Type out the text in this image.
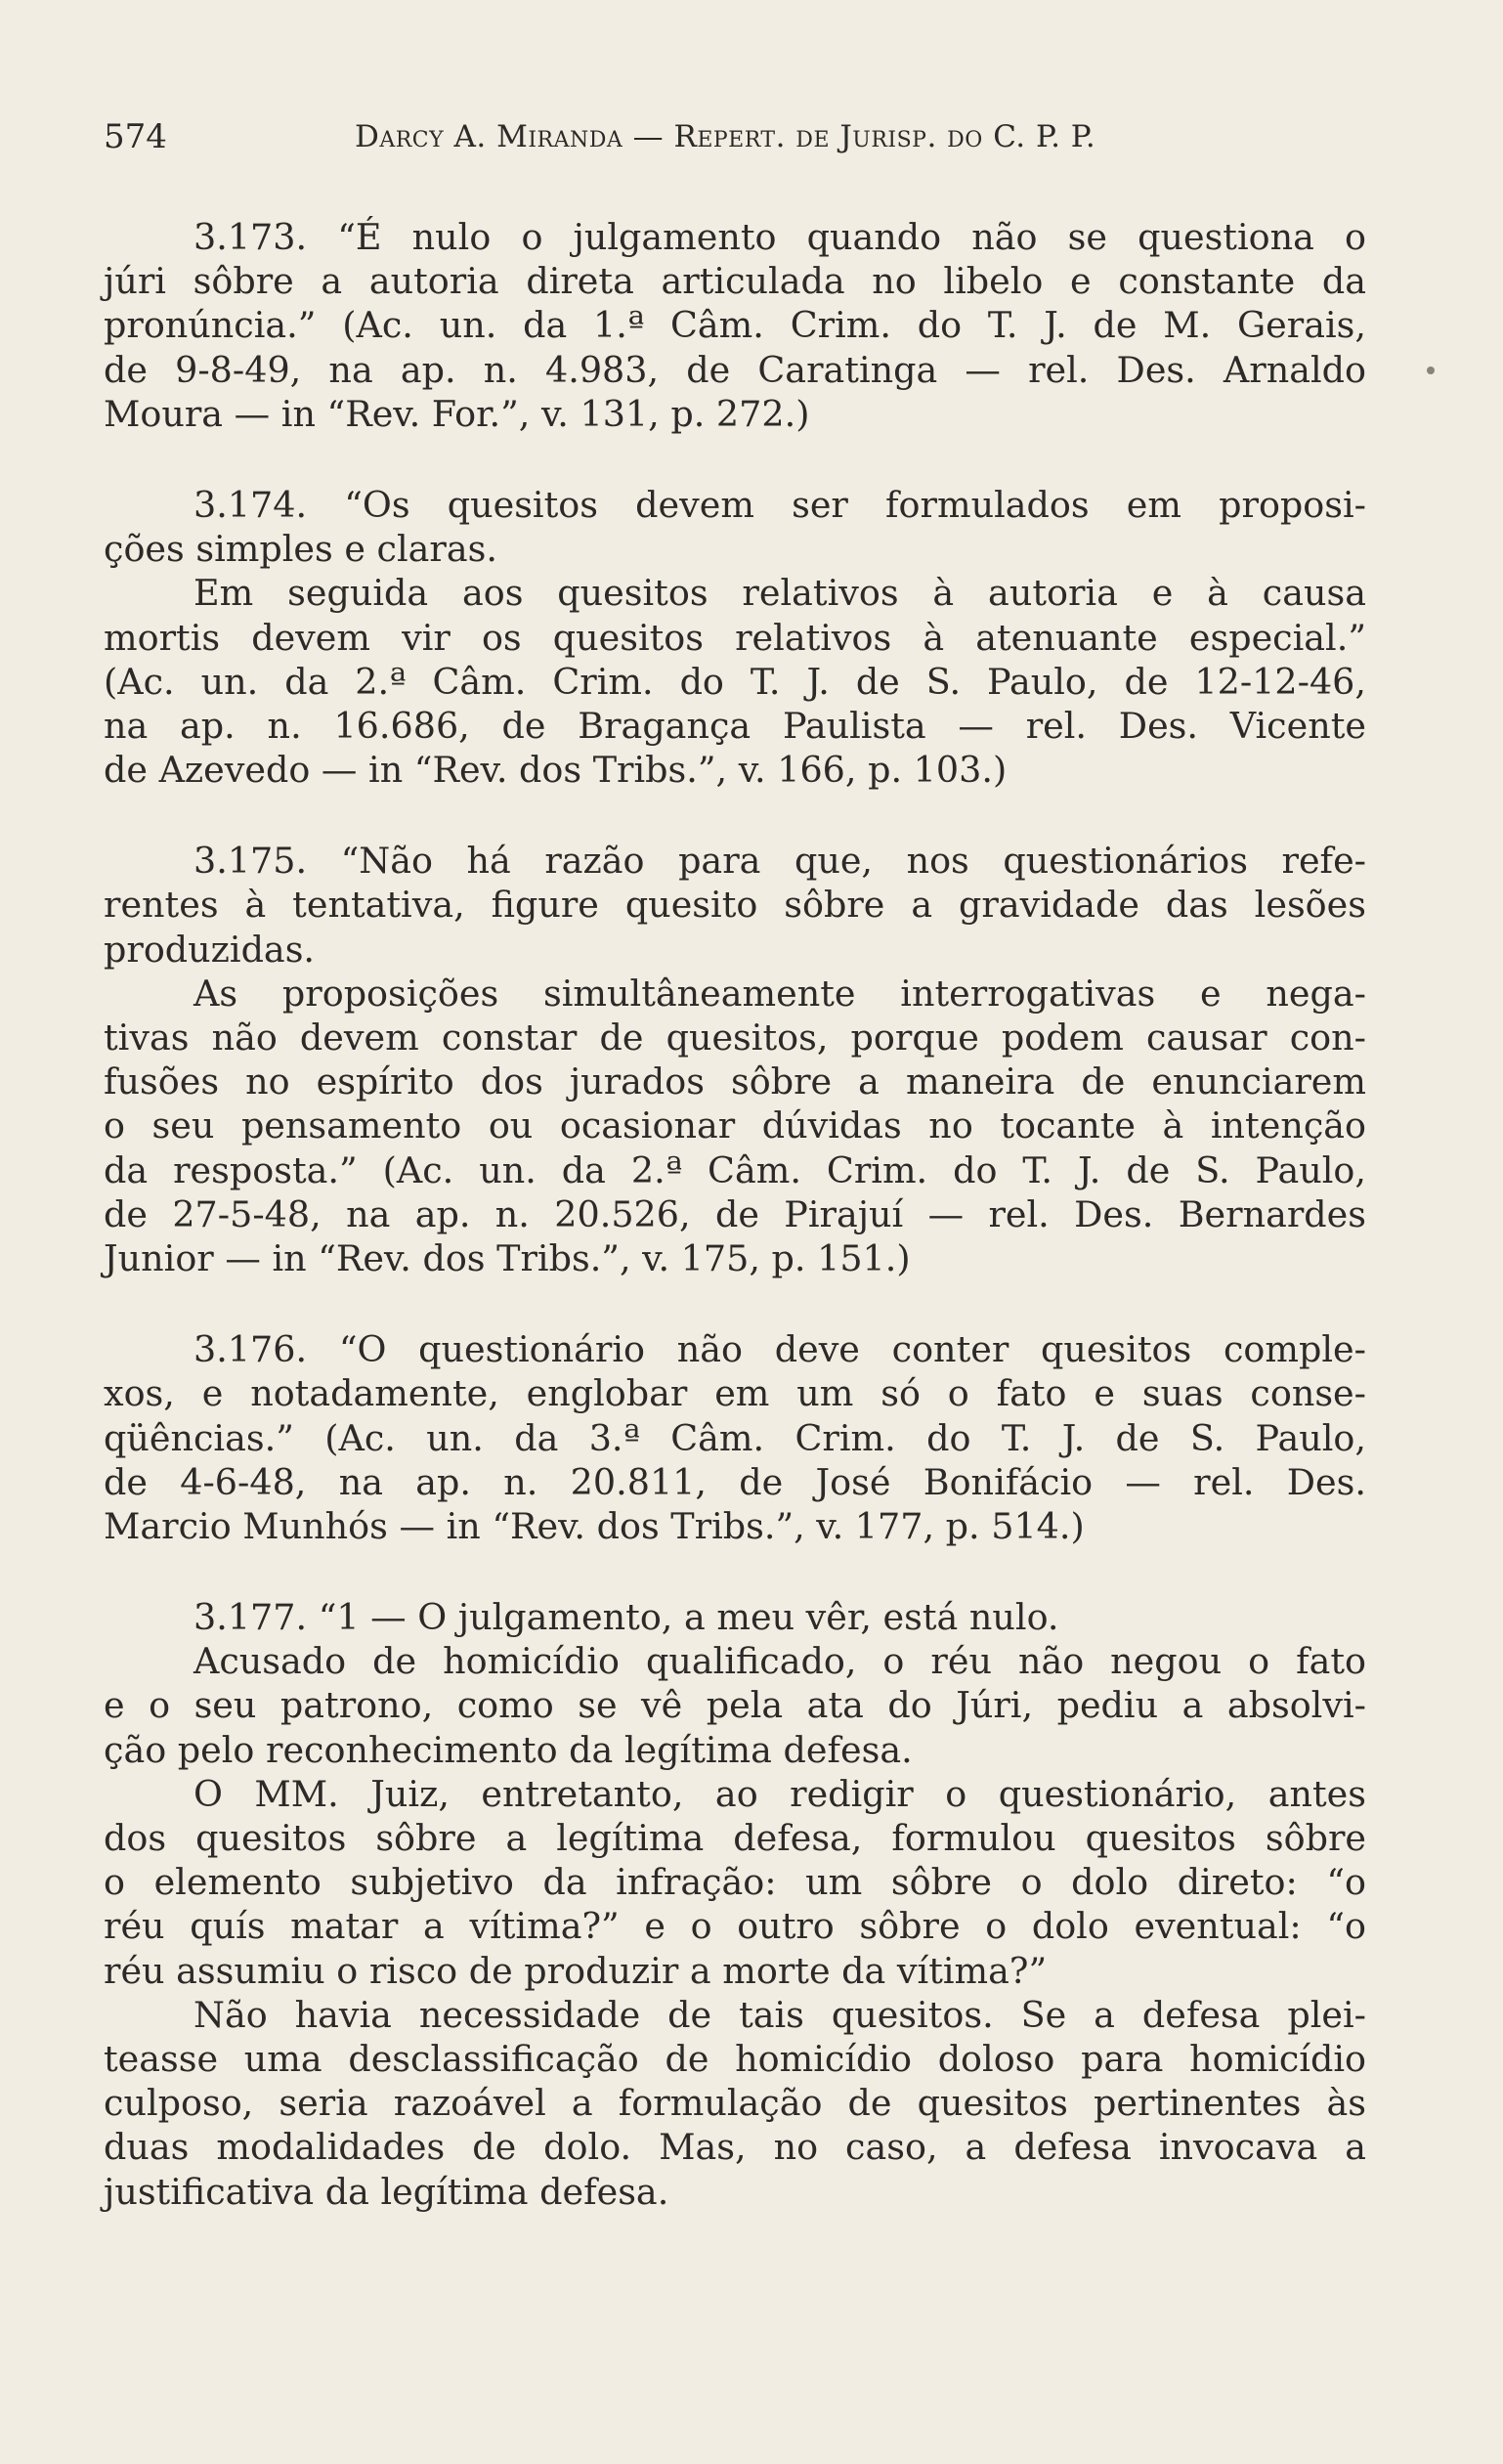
574	Darcy A. Miranda — Repert. de Jurisp. do C. P. P.
3.173. “É nulo o julgamento quando não se questiona o
júri sôbre a autoria direta articulada no libelo e constante da
pronúncia.” (Ac. un. da 1.ª Câm. Crim. do T. J. de M. Gerais,
de 9-8-49, na ap. n. 4.983, de Caratinga — rel. Des. Arnaldo
Moura — in “Rev. For.”, v. 131, p. 272.)
3.174. “Os quesitos devem ser formulados em proposi-
ções simples e claras.
Em seguida aos quesitos relativos à autoria e à causa
mortis devem vir os quesitos relativos à atenuante especial.”
(Ac. un. da 2.ª Câm. Crim. do T. J. de S. Paulo, de 12-12-46,
na ap. n. 16.686, de Bragança Paulista — rel. Des. Vicente
de Azevedo — in “Rev. dos Tribs.”, v. 166, p. 103.)
3.175. “Não há razão para que, nos questionários refe-
rentes à tentativa, figure quesito sôbre a gravidade das lesões
produzidas.
As proposições simultâneamente interrogativas e nega-
tivas não devem constar de quesitos, porque podem causar con-
fusões no espírito dos jurados sôbre a maneira de enunciarem
o seu pensamento ou ocasionar dúvidas no tocante à intenção
da resposta.” (Ac. un. da 2.ª Câm. Crim. do T. J. de S. Paulo,
de 27-5-48, na ap. n. 20.526, de Pirajuí — rel. Des. Bernardes
Junior — in “Rev. dos Tribs.”, v. 175, p. 151.)
3.176. “O questionário não deve conter quesitos comple-
xos, e notadamente, englobar em um só o fato e suas conse-
qüências.” (Ac. un. da 3.ª Câm. Crim. do T. J. de S. Paulo,
de 4-6-48, na ap. n. 20.811, de José Bonifácio — rel. Des.
Marcio Munhós — in “Rev. dos Tribs.”, v. 177, p. 514.)
3.177. “1 — O julgamento, a meu vêr, está nulo.
Acusado de homicídio qualificado, o réu não negou o fato
e o seu patrono, como se vê pela ata do Júri, pediu a absolvi-
ção pelo reconhecimento da legítima defesa.
O MM. Juiz, entretanto, ao redigir o questionário, antes
dos quesitos sôbre a legítima defesa, formulou quesitos sôbre
o elemento subjetivo da infração: um sôbre o dolo direto: “o
réu quís matar a vítima?” e o outro sôbre o dolo eventual: “o
réu assumiu o risco de produzir a morte da vítima?”
Não havia necessidade de tais quesitos. Se a defesa plei-
teasse uma desclassificação de homicídio doloso para homicídio
culposo, seria razoável a formulação de quesitos pertinentes às
duas modalidades de dolo. Mas, no caso, a defesa invocava a
justificativa da legítima defesa.
